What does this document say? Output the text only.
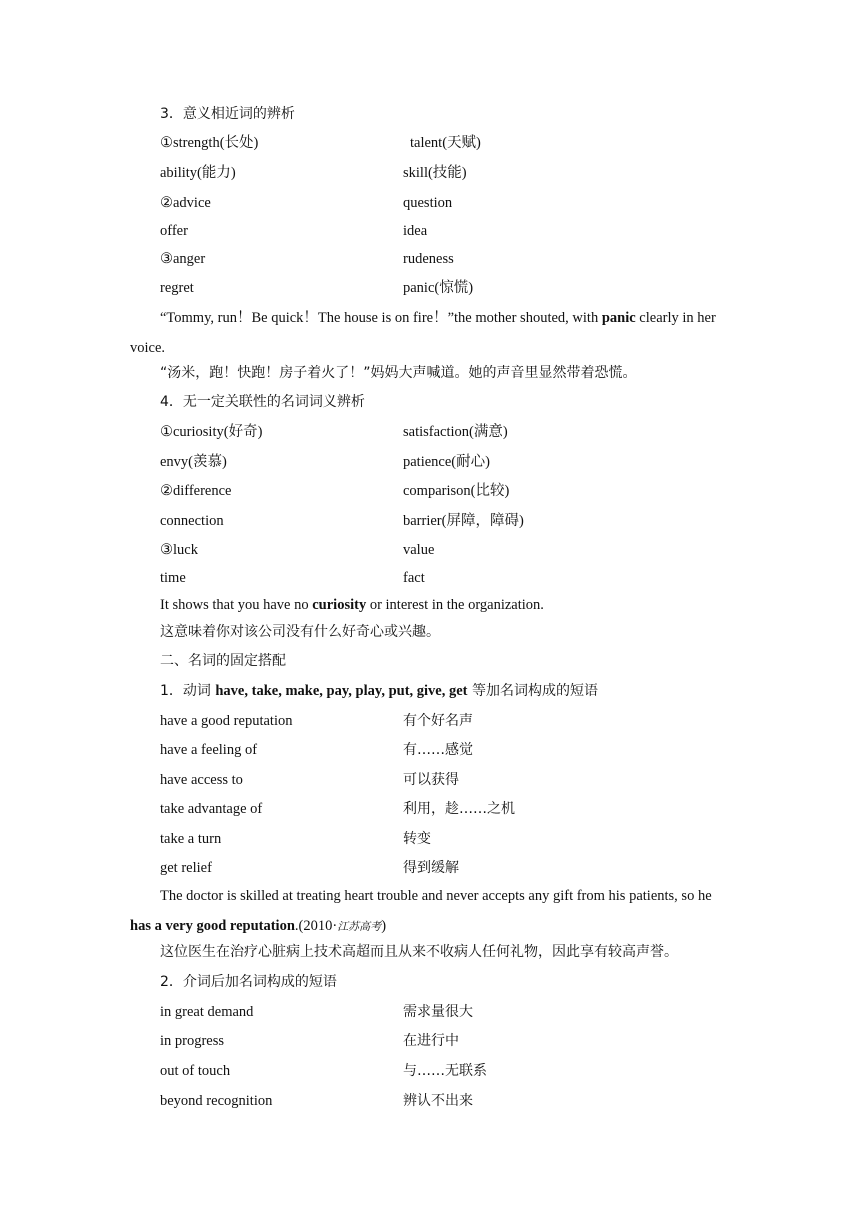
3．意义相近词的辨析
①strength(长处)	talent(天赋)
ability(能力)	skill(技能)
②advice	question
offer	idea
③anger	rudeness
regret	panic(惊慌)
“Tommy, run！Be quick！The house is on fire！”the mother shouted, with panic clearly in her voice.
“汤米，跑！快跑！房子着火了！”妈妈大声喊道。她的声音里显然带着恐慌。
4．无一定关联性的名词词义辨析
①curiosity(好奇)	satisfaction(满意)
envy(羡慕)	patience(耐心)
②difference	comparison(比较)
connection	barrier(屏障，障碍)
③luck	value
time	fact
It shows that you have no curiosity or interest in the organization.
这意味着你对该公司没有什么好奇心或兴趣。
二、名词的固定搭配
1．动词 have, take, make, pay, play, put, give, get 等加名词构成的短语
have a good reputation	有个好名声
have a feeling of	有……感觉
have access to	可以获得
take advantage of	利用，趁……之机
take a turn	转变
get relief	得到缓解
The doctor is skilled at treating heart trouble and never accepts any gift from his patients, so he has a very good reputation.(2010·江苏高考)
这位医生在治疗心脏病上技术高超而且从来不收病人任何礼物，因此享有较高声誉。
2．介词后加名词构成的短语
in great demand	需求量很大
in progress	在进行中
out of touch	与……无联系
beyond recognition	辨认不出来
